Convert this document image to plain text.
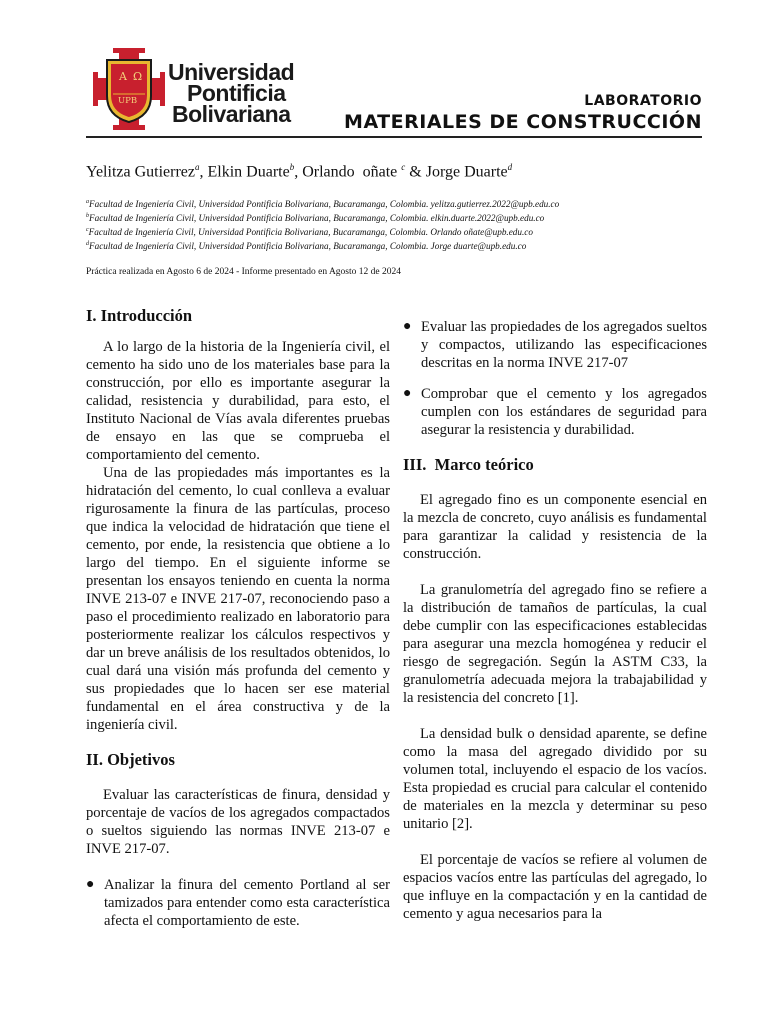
A Ω
UPB
Universidad
Pontificia
Bolivariana	LABORATORIO
MATERIALES DE CONSTRUCCIÓN
Yelitza Gutierrez$^a$, Elkin Duarte$^b$, Orlando  oñate $^c$ & Jorge Duarte$^d$
$^a$Facultad de Ingeniería Civil, Universidad Pontificia Bolivariana, Bucaramanga, Colombia. yelitza.gutierrez.2022@upb.edu.co
$^b$Facultad de Ingeniería Civil, Universidad Pontificia Bolivariana, Bucaramanga, Colombia. elkin.duarte.2022@upb.edu.co
$^c$Facultad de Ingeniería Civil, Universidad Pontificia Bolivariana, Bucaramanga, Colombia. Orlando oñate@upb.edu.co
$^d$Facultad de Ingeniería Civil, Universidad Pontificia Bolivariana, Bucaramanga, Colombia. Jorge duarte@upb.edu.co
Práctica realizada en Agosto 6 de 2024 - Informe presentado en Agosto 12 de 2024
I. Introducción

A lo largo de la historia de la Ingeniería civil, el cemento ha sido uno de los materiales base para la construcción, por ello es importante asegurar la calidad, resistencia y durabilidad, para esto, el Instituto Nacional de Vías avala diferentes pruebas de ensayo en las que se comprueba el comportamiento del cemento.

Una de las propiedades más importantes es la hidratación del cemento, lo cual conlleva a evaluar rigurosamente la finura de las partículas, proceso que indica la velocidad de hidratación que tiene el cemento, por ende, la resistencia que obtiene a lo largo del tiempo. En el siguiente informe se presentan los ensayos teniendo en cuenta la norma INVE 213-07 e INVE 217-07, reconociendo paso a paso el procedimiento realizado en laboratorio para posteriormente realizar los cálculos respectivos y dar un breve análisis de los resultados obtenidos, lo cual dará una visión más profunda del cemento y sus propiedades que lo hacen ser ese material fundamental en el área constructiva y de la ingeniería civil.

II. Objetivos

Evaluar las características de finura, densidad y porcentaje de vacíos de los agregados compactados o sueltos siguiendo las normas INVE 213-07 e INVE 217-07.

● Analizar la finura del cemento Portland al ser tamizados para entender como esta característica afecta el comportamiento de este.
● Evaluar las propiedades de los agregados sueltos y compactos, utilizando las especificaciones descritas en la norma INVE 217-07
● Comprobar que el cemento y los agregados cumplen con los estándares de seguridad para asegurar la resistencia y durabilidad.
III.  Marco teórico

El agregado fino es un componente esencial en la mezcla de concreto, cuyo análisis es fundamental para garantizar la calidad y resistencia de la construcción.

La granulometría del agregado fino se refiere a la distribución de tamaños de partículas, la cual debe cumplir con las especificaciones establecidas para asegurar una mezcla homogénea y reducir el riesgo de segregación. Según la ASTM C33, la granulometría adecuada mejora la trabajabilidad y la resistencia del concreto [1].

La densidad bulk o densidad aparente, se define como la masa del agregado dividido por su volumen total, incluyendo el espacio de los vacíos. Esta propiedad es crucial para calcular el contenido de materiales en la mezcla y determinar su peso unitario [2].

El porcentaje de vacíos se refiere al volumen de espacios vacíos entre las partículas del agregado, lo que influye en la compactación y en la cantidad de cemento y agua necesarios para la
